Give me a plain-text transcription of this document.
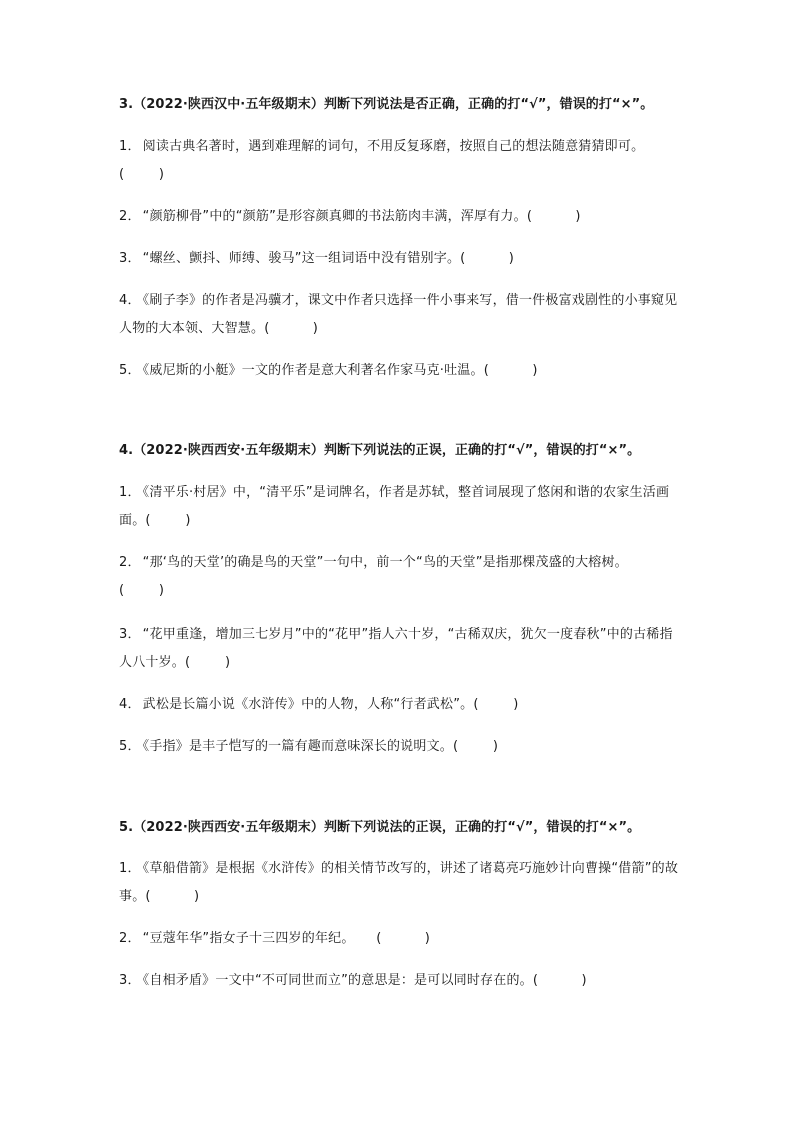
3.（2022·陕西汉中·五年级期末）判断下列说法是否正确，正确的打“√”，错误的打“×”。

1． 阅读古典名著时，遇到难理解的词句，不用反复琢磨，按照自己的想法随意猜猜即可。
(        )

2． “颜筋柳骨”中的“颜筋”是形容颜真卿的书法筋肉丰满，浑厚有力。(          )

3． “螺丝、颤抖、师缚、骏马”这一组词语中没有错别字。(          )

4． 《刷子李》的作者是冯骥才，课文中作者只选择一件小事来写，借一件极富戏剧性的小事窥见人物的大本领、大智慧。(          )

5． 《威尼斯的小艇》一文的作者是意大利著名作家马克·吐温。(          )

4.（2022·陕西西安·五年级期末）判断下列说法的正误，正确的打“√”，错误的打“×”。

1． 《清平乐·村居》中，“清平乐”是词牌名，作者是苏轼，整首词展现了悠闲和谐的农家生活画面。(        )

2． “那‘鸟的天堂’的确是鸟的天堂”一句中，前一个“鸟的天堂”是指那棵茂盛的大榕树。
(        )

3． “花甲重逢，增加三七岁月”中的“花甲”指人六十岁，“古稀双庆，犹欠一度春秋”中的古稀指人八十岁。(        )

4． 武松是长篇小说《水浒传》中的人物，人称“行者武松”。(        )

5． 《手指》是丰子恺写的一篇有趣而意味深长的说明文。(        )

5.（2022·陕西西安·五年级期末）判断下列说法的正误，正确的打“√”，错误的打“×”。

1． 《草船借箭》是根据《水浒传》的相关情节改写的，讲述了诸葛亮巧施妙计向曹操“借箭”的故事。(          )

2． “豆蔻年华”指女子十三四岁的年纪。     (          )

3． 《自相矛盾》一文中“不可同世而立”的意思是：是可以同时存在的。(          )
